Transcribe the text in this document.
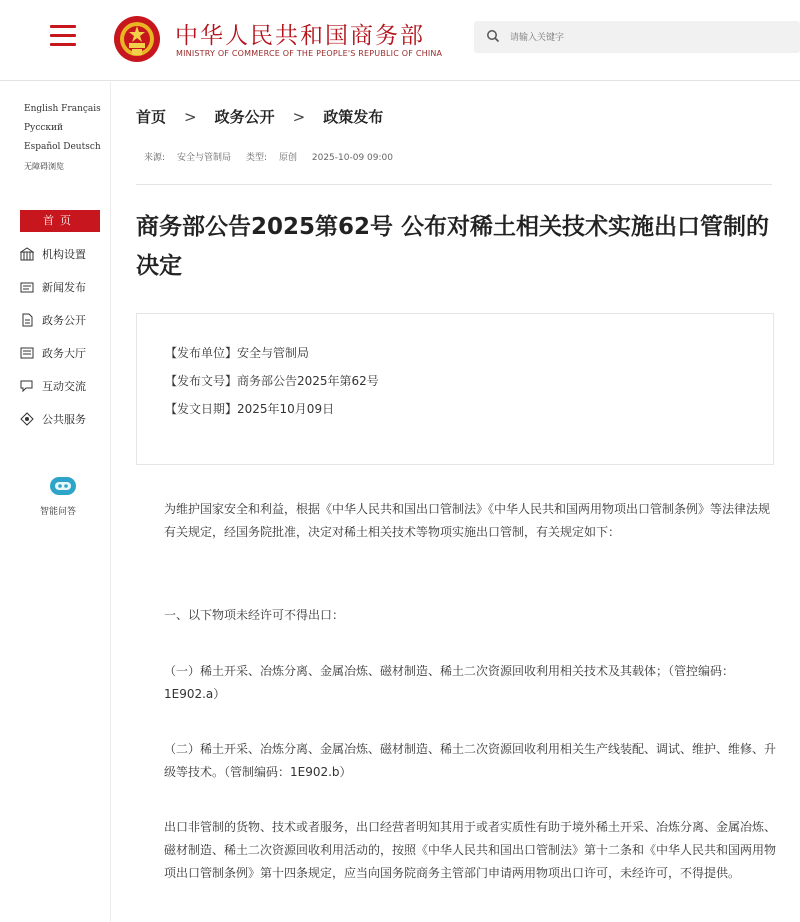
中华人民共和国商务部
MINISTRY OF COMMERCE OF THE PEOPLE'S REPUBLIC OF CHINA
请输入关键字
English Français
Русский
Español Deutsch
无障碍浏览
首页
机构设置
新闻发布
政务公开
政务大厅
互动交流
公共服务
智能问答
首页 > 政务公开 > 政策发布
来源: 安全与管制局 类型: 原创 2025-10-09 09:00
商务部公告2025第62号 公布对稀土相关技术实施出口管制的决定
【发布单位】安全与管制局
【发布文号】商务部公告2025年第62号
【发文日期】2025年10月09日
为维护国家安全和利益，根据《中华人民共和国出口管制法》《中华人民共和国两用物项出口管制条例》等法律法规有关规定，经国务院批准，决定对稀土相关技术等物项实施出口管制，有关规定如下：
一、以下物项未经许可不得出口：
（一）稀土开采、冶炼分离、金属冶炼、磁材制造、稀土二次资源回收利用相关技术及其载体；（管控编码：1E902.a）
（二）稀土开采、冶炼分离、金属冶炼、磁材制造、稀土二次资源回收利用相关生产线装配、调试、维护、维修、升级等技术。（管制编码：1E902.b）
出口非管制的货物、技术或者服务，出口经营者明知其用于或者实质性有助于境外稀土开采、冶炼分离、金属冶炼、磁材制造、稀土二次资源回收利用活动的，按照《中华人民共和国出口管制法》第十二条和《中华人民共和国两用物项出口管制条例》第十四条规定，应当向国务院商务主管部门申请两用物项出口许可，未经许可，不得提供。
